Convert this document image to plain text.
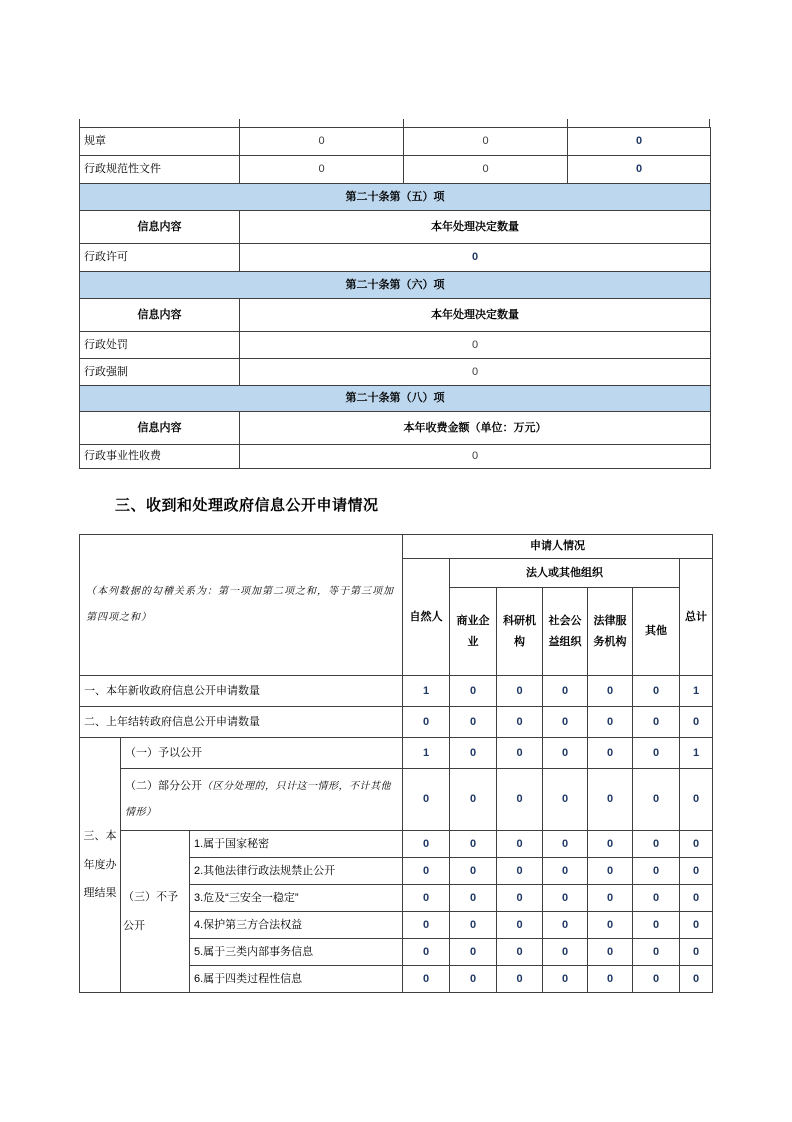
规章	0	0	0
行政规范性文件	0	0	0
第二十条第（五）项			
信息内容	本年处理决定数量		
行政许可	0		
第二十条第（六）项			
信息内容	本年处理决定数量		
行政处罚	0		
行政强制	0		
第二十条第（八）项			
信息内容	本年收费金额（单位：万元）		
行政事业性收费	0		
三、收到和处理政府信息公开申请情况
（本列数据的勾稽关系为：第一项加第二项之和，等于第三项加第四项之和）			申请人情况						
			自然人	法人或其他组织					总计
				商业企业	科研机构	社会公益组织	法律服务机构	其他	
一、本年新收政府信息公开申请数量			1	0	0	0	0	0	1
二、上年结转政府信息公开申请数量			0	0	0	0	0	0	0
三、本年度办理结果	（一）予以公开		1	0	0	0	0	0	1
	（二）部分公开（区分处理的，只计这一情形，不计其他情形）		0	0	0	0	0	0	0
	（三）不予公开	1.属于国家秘密	0	0	0	0	0	0	0
		2.其他法律行政法规禁止公开	0	0	0	0	0	0	0
		3.危及“三安全一稳定”	0	0	0	0	0	0	0
		4.保护第三方合法权益	0	0	0	0	0	0	0
		5.属于三类内部事务信息	0	0	0	0	0	0	0
		6.属于四类过程性信息	0	0	0	0	0	0	0
